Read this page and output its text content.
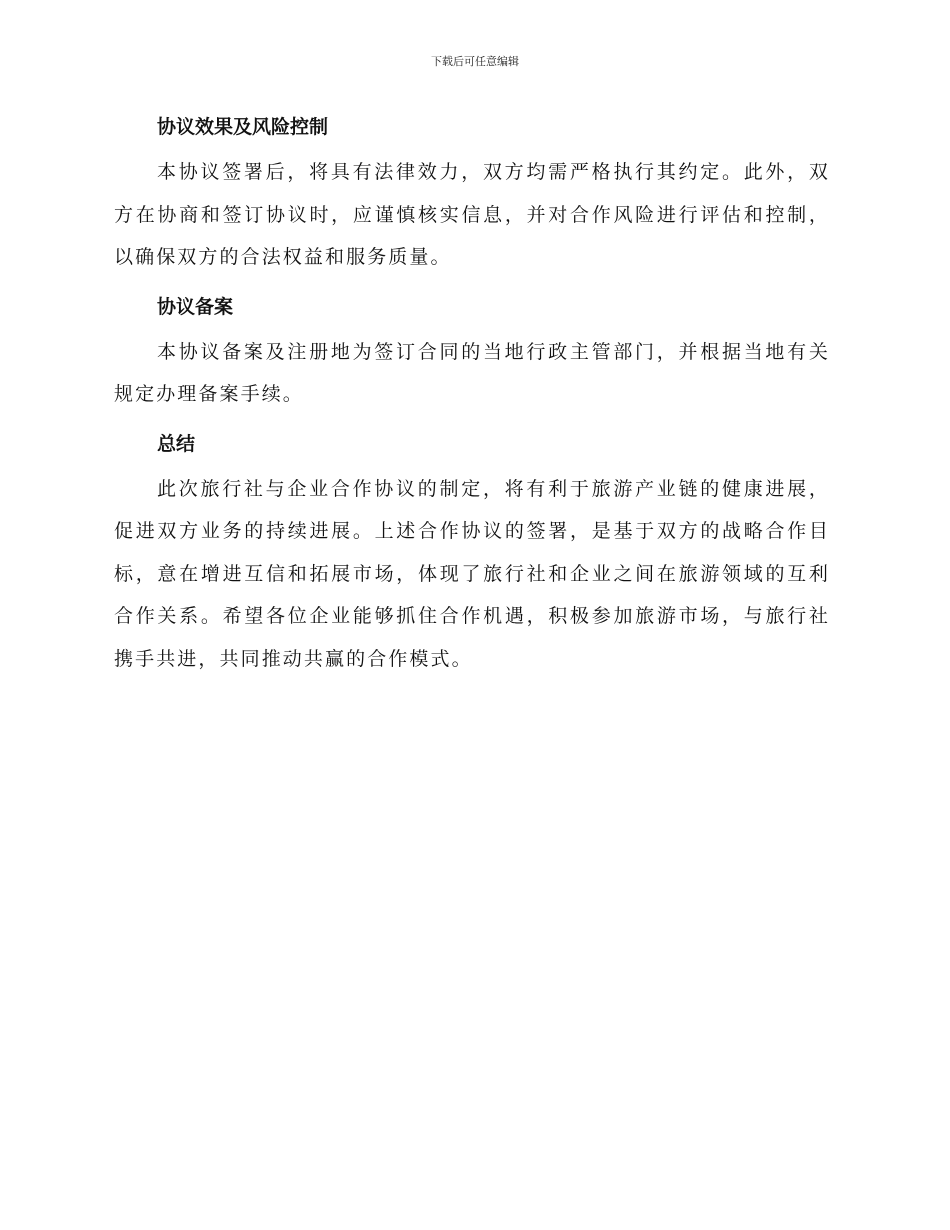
下载后可任意编辑
协议效果及风险控制

本协议签署后，将具有法律效力，双方均需严格执行其约定。此外，双方在协商和签订协议时，应谨慎核实信息，并对合作风险进行评估和控制，以确保双方的合法权益和服务质量。

协议备案

本协议备案及注册地为签订合同的当地行政主管部门，并根据当地有关规定办理备案手续。

总结

此次旅行社与企业合作协议的制定，将有利于旅游产业链的健康进展，促进双方业务的持续进展。上述合作协议的签署，是基于双方的战略合作目标，意在增进互信和拓展市场，体现了旅行社和企业之间在旅游领域的互利合作关系。希望各位企业能够抓住合作机遇，积极参加旅游市场，与旅行社携手共进，共同推动共赢的合作模式。
